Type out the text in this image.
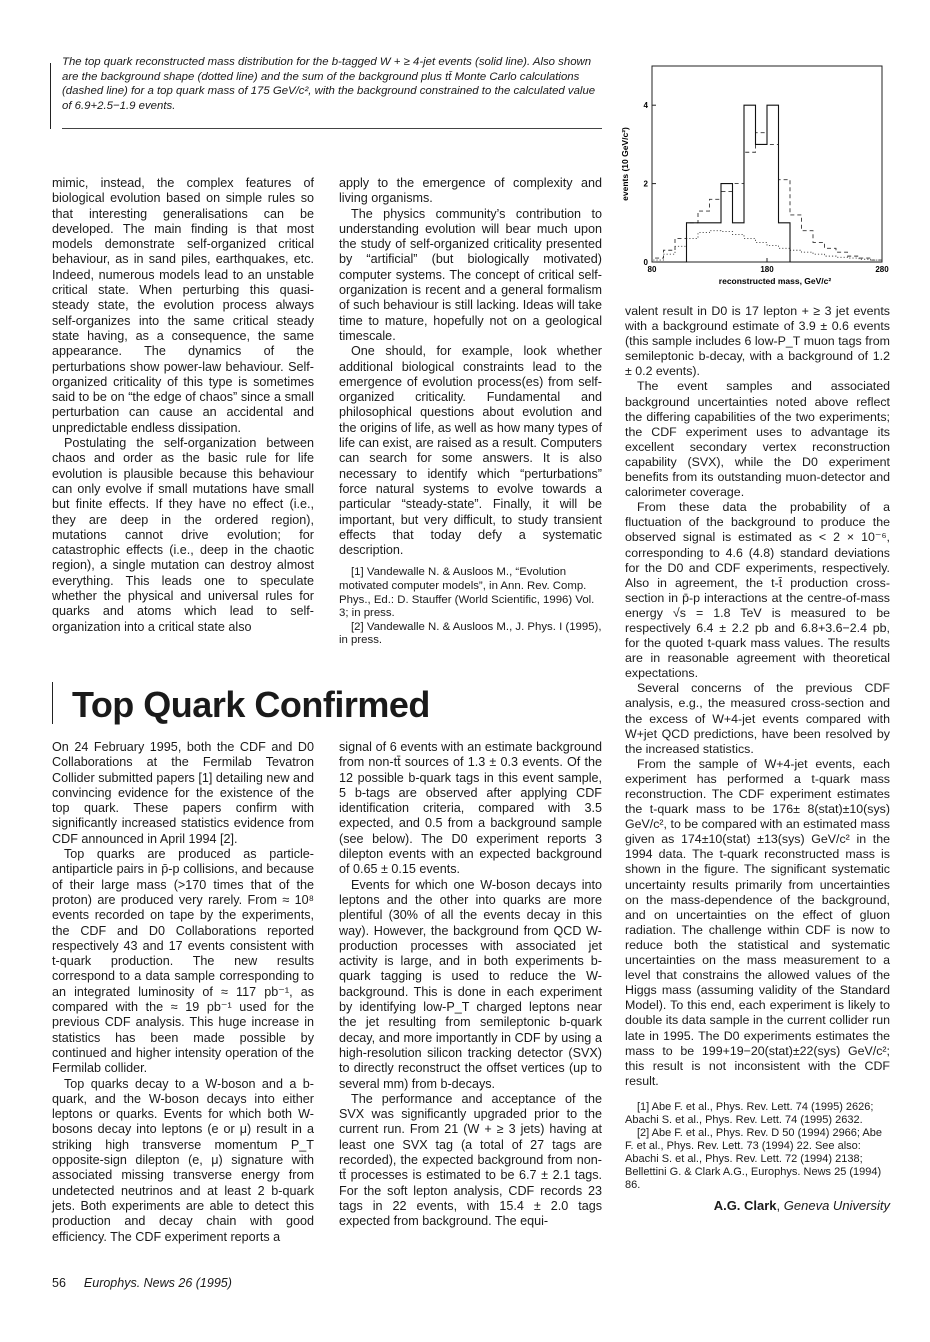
The top quark reconstructed mass distribution for the b-tagged W + ≥ 4-jet events (solid line). Also shown are the background shape (dotted line) and the sum of the background plus tt̄ Monte Carlo calculations (dashed line) for a top quark mass of 175 GeV/c², with the background constrained to the calculated value of 6.9+2.5−1.9 events.
80	180	280
0
2
4
reconstructed mass, GeV/c²
events (10 GeV/c²)

mimic, instead, the complex features of biological evolution based on simple rules so that interesting generalisations can be developed. The main finding is that most models demonstrate self-organized critical behaviour, as in sand piles, earthquakes, etc. Indeed, numerous models lead to an unstable critical state. When perturbing this quasi-steady state, the evolution process always self-organizes into the same critical steady state having, as a consequence, the same appearance. The dynamics of the perturbations show power-law behaviour. Self-organized criticality of this type is sometimes said to be on “the edge of chaos” since a small perturbation can cause an accidental and unpredictable endless dissipation.

Postulating the self-organization between chaos and order as the basic rule for life evolution is plausible because this behaviour can only evolve if small mutations have small but finite effects. If they have no effect (i.e., they are deep in the ordered region), mutations cannot drive evolution; for catastrophic effects (i.e., deep in the chaotic region), a single mutation can destroy almost everything. This leads one to speculate whether the physical and universal rules for quarks and atoms which lead to self-organization into a critical state also

apply to the emergence of complexity and living organisms.

The physics community’s contribution to understanding evolution will bear much upon the study of self-organized criticality presented by “artificial” (but biologically motivated) computer systems. The concept of critical self-organization is recent and a general formalism of such behaviour is still lacking. Ideas will take time to mature, hopefully not on a geological timescale.

One should, for example, look whether additional biological constraints lead to the emergence of evolution process(es) from self-organized criticality. Fundamental and philosophical questions about evolution and the origins of life, as well as how many types of life can exist, are raised as a result. Computers can search for some answers. It is also necessary to identify which “perturbations” force natural systems to evolve towards a particular “steady-state”. Finally, it will be important, but very difficult, to study transient effects that today defy a systematic description.

[1] Vandewalle N. & Ausloos M., “Evolution motivated computer models”, in Ann. Rev. Comp. Phys., Ed.: D. Stauffer (World Scientific, 1996) Vol. 3; in press.

[2] Vandewalle N. & Ausloos M., J. Phys. I (1995), in press.

Top Quark Confirmed

On 24 February 1995, both the CDF and D0 Collaborations at the Fermilab Tevatron Collider submitted papers [1] detailing new and convincing evidence for the existence of the top quark. These papers confirm with significantly increased statistics evidence from CDF announced in April 1994 [2].

Top quarks are produced as particle-antiparticle pairs in p̄-p collisions, and because of their large mass (>170 times that of the proton) are produced very rarely. From ≈ 10⁸ events recorded on tape by the experiments, the CDF and D0 Collaborations reported respectively 43 and 17 events consistent with t-quark production. The new results correspond to a data sample corresponding to an integrated luminosity of ≈ 117 pb⁻¹, as compared with the ≈ 19 pb⁻¹ used for the previous CDF analysis. This huge increase in statistics has been made possible by continued and higher intensity operation of the Fermilab collider.

Top quarks decay to a W-boson and a b-quark, and the W-boson decays into either leptons or quarks. Events for which both W-bosons decay into leptons (e or μ) result in a striking high transverse momentum P_T opposite-sign dilepton (e, μ) signature with associated missing transverse energy from undetected neutrinos and at least 2 b-quark jets. Both experiments are able to detect this production and decay chain with good efficiency. The CDF experiment reports a

signal of 6 events with an estimate background from non-tt̄ sources of 1.3 ± 0.3 events. Of the 12 possible b-quark tags in this event sample, 5 b-tags are observed after applying CDF identification criteria, compared with 3.5 expected, and 0.5 from a background sample (see below). The D0 experiment reports 3 dilepton events with an expected background of 0.65 ± 0.15 events.

Events for which one W-boson decays into leptons and the other into quarks are more plentiful (30% of all the events decay in this way). However, the background from QCD W-production processes with associated jet activity is large, and in both experiments b-quark tagging is used to reduce the W-background. This is done in each experiment by identifying low-P_T charged leptons near the jet resulting from semileptonic b-quark decay, and more importantly in CDF by using a high-resolution silicon tracking detector (SVX) to directly reconstruct the offset vertices (up to several mm) from b-decays.

The performance and acceptance of the SVX was significantly upgraded prior to the current run. From 21 (W + ≥ 3 jets) having at least one SVX tag (a total of 27 tags are recorded), the expected background from non-tt̄ processes is estimated to be 6.7 ± 2.1 tags. For the soft lepton analysis, CDF records 23 tags in 22 events, with 15.4 ± 2.0 tags expected from background. The equi-

valent result in D0 is 17 lepton + ≥ 3 jet events with a background estimate of 3.9 ± 0.6 events (this sample includes 6 low-P_T muon tags from semileptonic b-decay, with a background of 1.2 ± 0.2 events).

The event samples and associated background uncertainties noted above reflect the differing capabilities of the two experiments; the CDF experiment uses to advantage its excellent secondary vertex reconstruction capability (SVX), while the D0 experiment benefits from its outstanding muon-detector and calorimeter coverage.

From these data the probability of a fluctuation of the background to produce the observed signal is estimated as < 2 × 10⁻⁶, corresponding to 4.6 (4.8) standard deviations for the D0 and CDF experiments, respectively. Also in agreement, the t-t̄ production cross-section in p̄-p interactions at the centre-of-mass energy √s = 1.8 TeV is measured to be respectively 6.4 ± 2.2 pb and 6.8+3.6−2.4 pb, for the quoted t-quark mass values. The results are in reasonable agreement with theoretical expectations.

Several concerns of the previous CDF analysis, e.g., the measured cross-section and the excess of W+4-jet events compared with W+jet QCD predictions, have been resolved by the increased statistics.

From the sample of W+4-jet events, each experiment has performed a t-quark mass reconstruction. The CDF experiment estimates the t-quark mass to be 176± 8(stat)±10(sys) GeV/c², to be compared with an estimated mass given as 174±10(stat) ±13(sys) GeV/c² in the 1994 data. The t-quark reconstructed mass is shown in the figure. The significant systematic uncertainty results primarily from uncertainties on the mass-dependence of the background, and on uncertainties on the effect of gluon radiation. The challenge within CDF is now to reduce both the statistical and systematic uncertainties on the mass measurement to a level that constrains the allowed values of the Higgs mass (assuming validity of the Standard Model). To this end, each experiment is likely to double its data sample in the current collider run late in 1995. The D0 experiments estimates the mass to be 199+19−20(stat)±22(sys) GeV/c²; this result is not inconsistent with the CDF result.

[1] Abe F. et al., Phys. Rev. Lett. 74 (1995) 2626; Abachi S. et al., Phys. Rev. Lett. 74 (1995) 2632.

[2] Abe F. et al., Phys. Rev. D 50 (1994) 2966; Abe F. et al., Phys. Rev. Lett. 73 (1994) 22. See also: Abachi S. et al., Phys. Rev. Lett. 72 (1994) 2138; Bellettini G. & Clark A.G., Europhys. News 25 (1994) 86.

A.G. Clark, Geneva University
56 Europhys. News 26 (1995)
